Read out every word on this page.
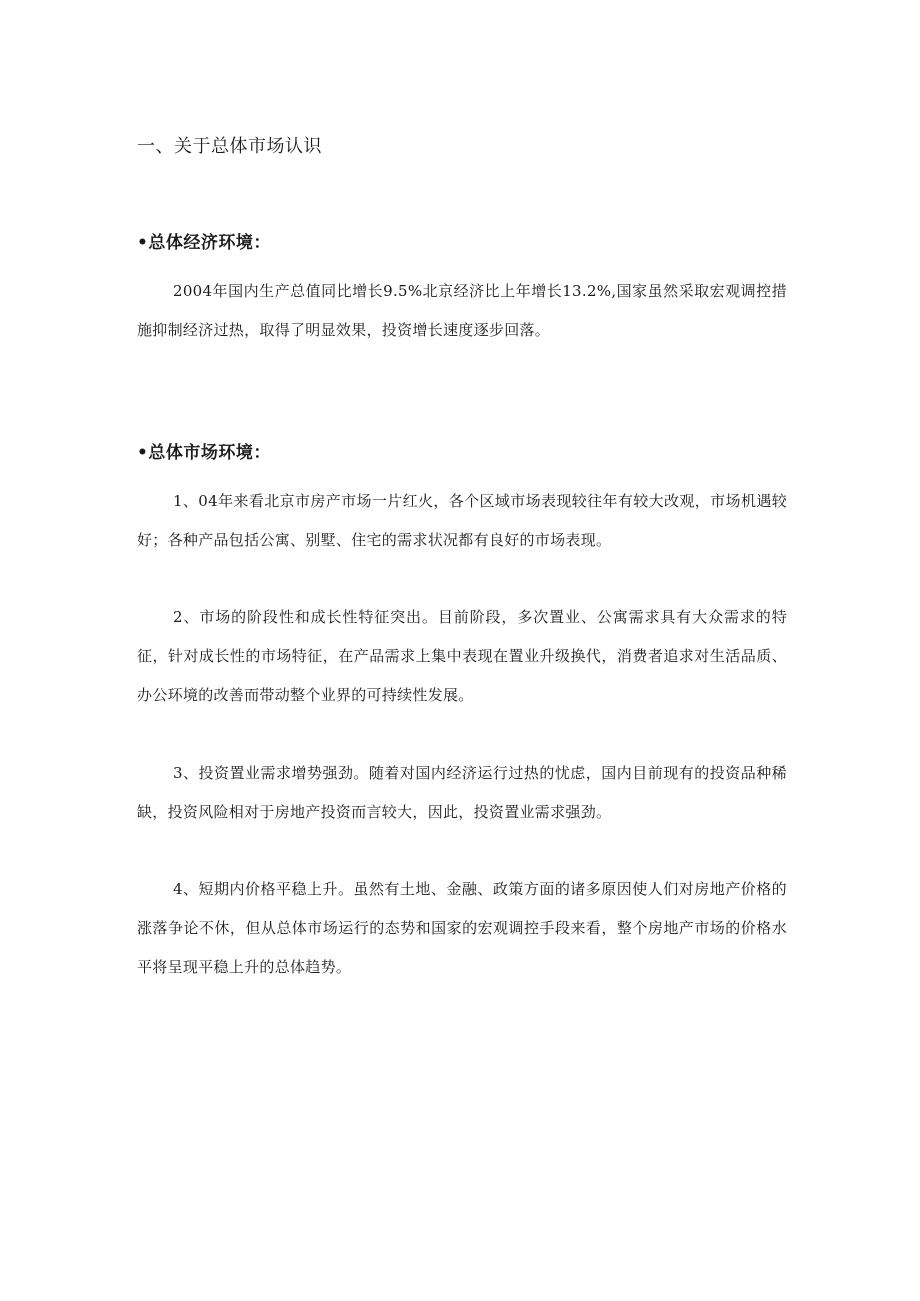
一、关于总体市场认识
•总体经济环境：

2004年国内生产总值同比增长9.5%北京经济比上年增长13.2%,国家虽然采取宏观调控措施抑制经济过热，取得了明显效果，投资增长速度逐步回落。

•总体市场环境：

1、04年来看北京市房产市场一片红火，各个区域市场表现较往年有较大改观，市场机遇较好；各种产品包括公寓、别墅、住宅的需求状况都有良好的市场表现。

2、市场的阶段性和成长性特征突出。目前阶段，多次置业、公寓需求具有大众需求的特征，针对成长性的市场特征，在产品需求上集中表现在置业升级换代，消费者追求对生活品质、办公环境的改善而带动整个业界的可持续性发展。

3、投资置业需求增势强劲。随着对国内经济运行过热的忧虑，国内目前现有的投资品种稀缺，投资风险相对于房地产投资而言较大，因此，投资置业需求强劲。

4、短期内价格平稳上升。虽然有土地、金融、政策方面的诸多原因使人们对房地产价格的涨落争论不休，但从总体市场运行的态势和国家的宏观调控手段来看，整个房地产市场的价格水平将呈现平稳上升的总体趋势。
